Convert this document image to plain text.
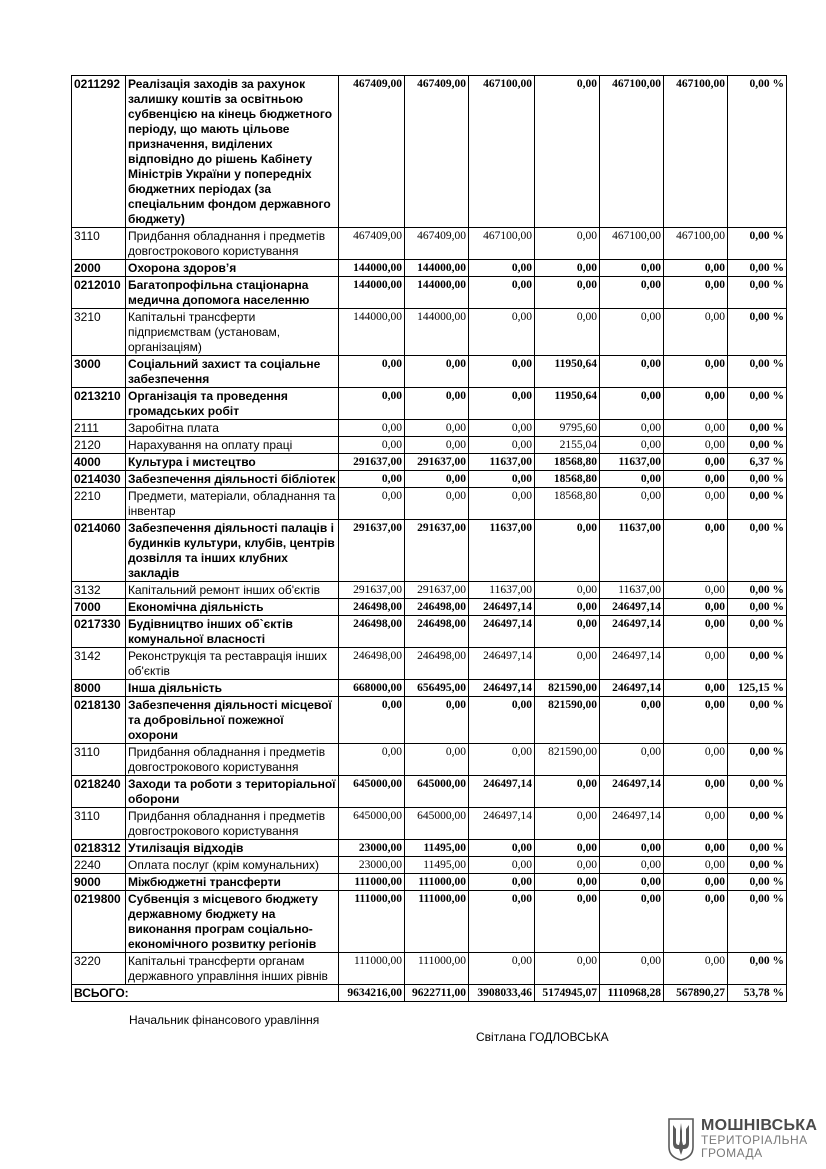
0211292	Реалізація заходів за рахунок залишку коштів за освітньою субвенцією на кінець бюджетного періоду, що мають цільове призначення, виділених відповідно до рішень Кабінету Міністрів України у попередніх бюджетних періодах (за спеціальним фондом державного бюджету)	467409,00	467409,00	467100,00	0,00	467100,00	467100,00	0,00 %
3110	Придбання обладнання і предметів довгострокового користування	467409,00	467409,00	467100,00	0,00	467100,00	467100,00	0,00 %
2000	Охорона здоров’я	144000,00	144000,00	0,00	0,00	0,00	0,00	0,00 %
0212010	Багатопрофільна стаціонарна медична допомога населенню	144000,00	144000,00	0,00	0,00	0,00	0,00	0,00 %
3210	Капітальні трансферти підприємствам (установам, організаціям)	144000,00	144000,00	0,00	0,00	0,00	0,00	0,00 %
3000	Соціальний захист та соціальне забезпечення	0,00	0,00	0,00	11950,64	0,00	0,00	0,00 %
0213210	Організація та проведення громадських робіт	0,00	0,00	0,00	11950,64	0,00	0,00	0,00 %
2111	Заробітна плата	0,00	0,00	0,00	9795,60	0,00	0,00	0,00 %
2120	Нарахування на оплату праці	0,00	0,00	0,00	2155,04	0,00	0,00	0,00 %
4000	Культура і мистецтво	291637,00	291637,00	11637,00	18568,80	11637,00	0,00	6,37 %
0214030	Забезпечення діяльності бібліотек	0,00	0,00	0,00	18568,80	0,00	0,00	0,00 %
2210	Предмети, матеріали, обладнання та інвентар	0,00	0,00	0,00	18568,80	0,00	0,00	0,00 %
0214060	Забезпечення діяльності палаців і будинків культури, клубів, центрів дозвілля та інших клубних закладів	291637,00	291637,00	11637,00	0,00	11637,00	0,00	0,00 %
3132	Капітальний ремонт інших об'єктів	291637,00	291637,00	11637,00	0,00	11637,00	0,00	0,00 %
7000	Економічна діяльність	246498,00	246498,00	246497,14	0,00	246497,14	0,00	0,00 %
0217330	Будівництво інших об`єктів комунальної власності	246498,00	246498,00	246497,14	0,00	246497,14	0,00	0,00 %
3142	Реконструкція та реставрація інших об'єктів	246498,00	246498,00	246497,14	0,00	246497,14	0,00	0,00 %
8000	Інша діяльність	668000,00	656495,00	246497,14	821590,00	246497,14	0,00	125,15 %
0218130	Забезпечення діяльності місцевої та добровільної пожежної охорони	0,00	0,00	0,00	821590,00	0,00	0,00	0,00 %
3110	Придбання обладнання і предметів довгострокового користування	0,00	0,00	0,00	821590,00	0,00	0,00	0,00 %
0218240	Заходи та роботи з територіальної оборони	645000,00	645000,00	246497,14	0,00	246497,14	0,00	0,00 %
3110	Придбання обладнання і предметів довгострокового користування	645000,00	645000,00	246497,14	0,00	246497,14	0,00	0,00 %
0218312	Утилізація відходів	23000,00	11495,00	0,00	0,00	0,00	0,00	0,00 %
2240	Оплата послуг (крім комунальних)	23000,00	11495,00	0,00	0,00	0,00	0,00	0,00 %
9000	Міжбюджетні трансферти	111000,00	111000,00	0,00	0,00	0,00	0,00	0,00 %
0219800	Субвенція з місцевого бюджету державному бюджету на виконання програм соціально-економічного розвитку регіонів	111000,00	111000,00	0,00	0,00	0,00	0,00	0,00 %
3220	Капітальні трансферти органам державного управління інших рівнів	111000,00	111000,00	0,00	0,00	0,00	0,00	0,00 %
ВСЬОГО:		9634216,00	9622711,00	3908033,46	5174945,07	1110968,28	567890,27	53,78 %
Начальник фінансового уравління
Світлана ГОДЛОВСЬКА
МОШНІВСЬКА
ТЕРИТОРІАЛЬНА
ГРОМАДА
